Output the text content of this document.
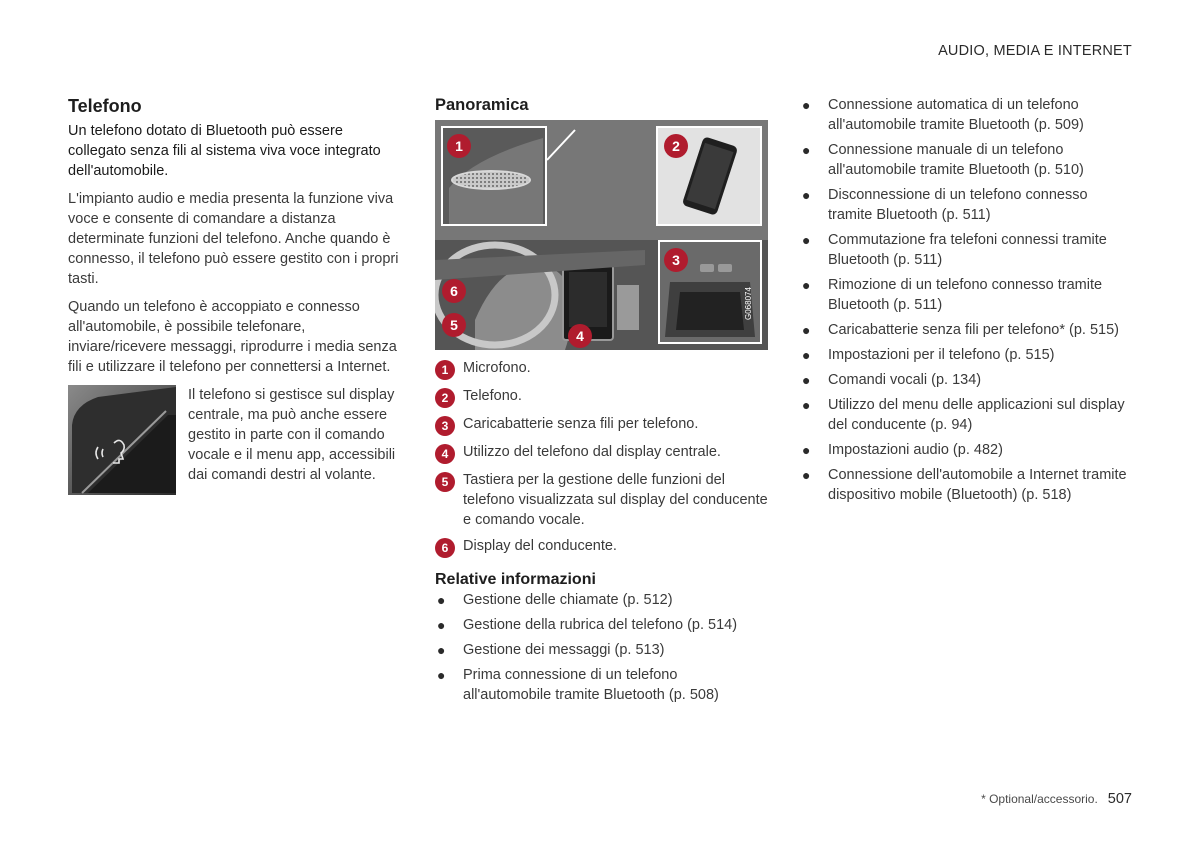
AUDIO, MEDIA E INTERNET
Telefono

Un telefono dotato di Bluetooth può essere collegato senza fili al sistema viva voce integrato dell'automobile.

L'impianto audio e media presenta la funzione viva voce e consente di comandare a distanza determinate funzioni del telefono. Anche quando è connesso, il telefono può essere gestito con i propri tasti.

Quando un telefono è accoppiato e connesso all'automobile, è possibile telefonare, inviare/ricevere messaggi, riprodurre i media senza fili e utilizzare il telefono per connettersi a Internet.

Il telefono si gestisce sul display centrale, ma può anche essere gestito in parte con il comando vocale e il menu app, accessibili dai comandi destri al volante.
Panoramica
1	2
3
4
5
6	G068074
1	Microfono.
2	Telefono.
3	Caricabatterie senza fili per telefono.
4	Utilizzo del telefono dal display centrale.
5	Tastiera per la gestione delle funzioni del telefono visualizzata sul display del conducente e comando vocale.
6	Display del conducente.
Relative informazioni
● Gestione delle chiamate (p. 512)
● Gestione della rubrica del telefono (p. 514)
● Gestione dei messaggi (p. 513)
● Prima connessione di un telefono all'automobile tramite Bluetooth (p. 508)
● Connessione automatica di un telefono all'automobile tramite Bluetooth (p. 509)
● Connessione manuale di un telefono all'automobile tramite Bluetooth (p. 510)
● Disconnessione di un telefono connesso tramite Bluetooth (p. 511)
● Commutazione fra telefoni connessi tramite Bluetooth (p. 511)
● Rimozione di un telefono connesso tramite Bluetooth (p. 511)
● Caricabatterie senza fili per telefono* (p. 515)
● Impostazioni per il telefono (p. 515)
● Comandi vocali (p. 134)
● Utilizzo del menu delle applicazioni sul display del conducente (p. 94)
● Impostazioni audio (p. 482)
● Connessione dell'automobile a Internet tramite dispositivo mobile (Bluetooth) (p. 518)
* Optional/accessorio. 507
